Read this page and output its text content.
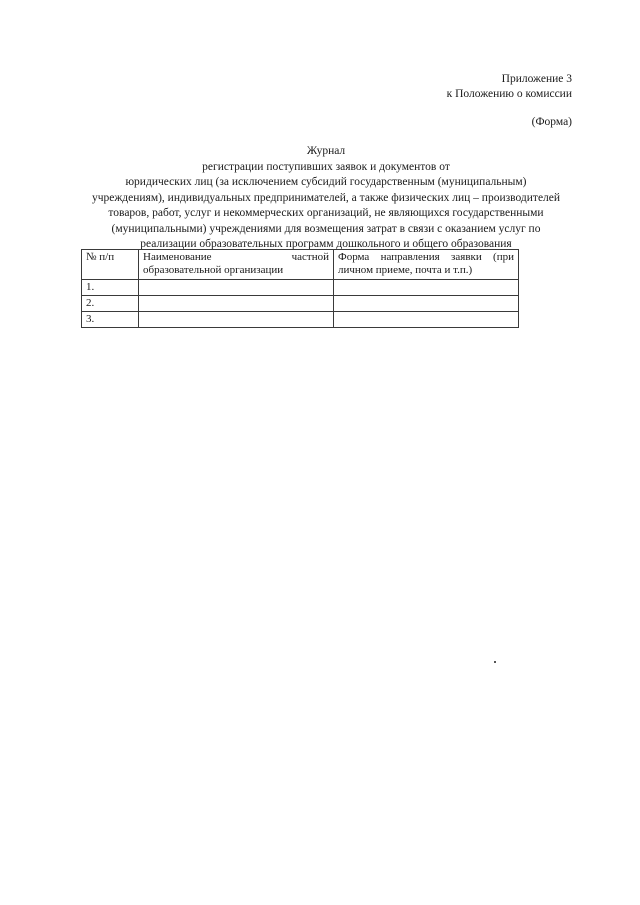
Приложение 3
к Положению о комиссии
(Форма)
Журнал
регистрации поступивших заявок и документов от
юридических лиц (за исключением субсидий государственным (муниципальным)
учреждениям), индивидуальных предпринимателей, а также физических лиц – производителей
товаров, работ, услуг и некоммерческих организаций, не являющихся государственными
(муниципальными) учреждениями для возмещения затрат в связи с оказанием услуг по
реализации образовательных программ дошкольного и общего образования
№ п/п	Наименование частной образовательной организации	Форма направления заявки (при личном приеме, почта и т.п.)
1.		
2.		
3.		
